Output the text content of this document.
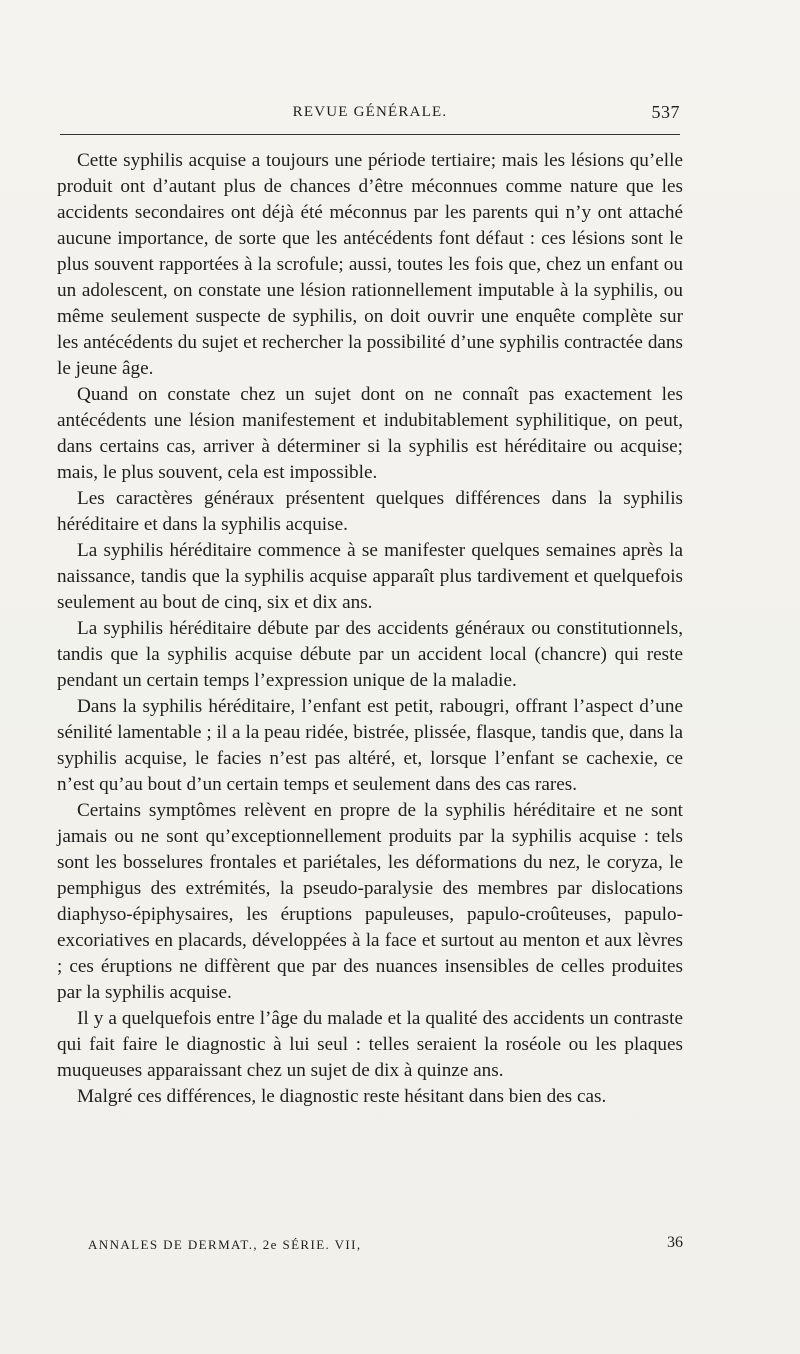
REVUE GÉNÉRALE.	537

Cette syphilis acquise a toujours une période tertiaire; mais les lésions qu’elle produit ont d’autant plus de chances d’être méconnues comme nature que les accidents secondaires ont déjà été méconnus par les parents qui n’y ont attaché aucune importance, de sorte que les antécédents font défaut : ces lésions sont le plus souvent rapportées à la scrofule; aussi, toutes les fois que, chez un enfant ou un adolescent, on constate une lésion rationnellement imputable à la syphilis, ou même seulement suspecte de syphilis, on doit ouvrir une enquête complète sur les antécédents du sujet et rechercher la possibilité d’une syphilis contractée dans le jeune âge.

Quand on constate chez un sujet dont on ne connaît pas exactement les antécédents une lésion manifestement et indubitablement syphilitique, on peut, dans certains cas, arriver à déterminer si la syphilis est héréditaire ou acquise; mais, le plus souvent, cela est impossible.

Les caractères généraux présentent quelques différences dans la syphilis héréditaire et dans la syphilis acquise.

La syphilis héréditaire commence à se manifester quelques semaines après la naissance, tandis que la syphilis acquise apparaît plus tardivement et quelquefois seulement au bout de cinq, six et dix ans.

La syphilis héréditaire débute par des accidents généraux ou constitutionnels, tandis que la syphilis acquise débute par un accident local (chancre) qui reste pendant un certain temps l’expression unique de la maladie.

Dans la syphilis héréditaire, l’enfant est petit, rabougri, offrant l’aspect d’une sénilité lamentable ; il a la peau ridée, bistrée, plissée, flasque, tandis que, dans la syphilis acquise, le facies n’est pas altéré, et, lorsque l’enfant se cachexie, ce n’est qu’au bout d’un certain temps et seulement dans des cas rares.

Certains symptômes relèvent en propre de la syphilis héréditaire et ne sont jamais ou ne sont qu’exceptionnellement produits par la syphilis acquise : tels sont les bosselures frontales et pariétales, les déformations du nez, le coryza, le pemphigus des extrémités, la pseudo-paralysie des membres par dislocations diaphyso-épiphysaires, les éruptions papuleuses, papulo-croûteuses, papulo-excoriatives en placards, développées à la face et surtout au menton et aux lèvres ; ces éruptions ne diffèrent que par des nuances insensibles de celles produites par la syphilis acquise.

Il y a quelquefois entre l’âge du malade et la qualité des accidents un contraste qui fait faire le diagnostic à lui seul : telles seraient la roséole ou les plaques muqueuses apparaissant chez un sujet de dix à quinze ans.

Malgré ces différences, le diagnostic reste hésitant dans bien des cas.

ANNALES DE DERMAT., 2e SÉRIE. VII,	36
